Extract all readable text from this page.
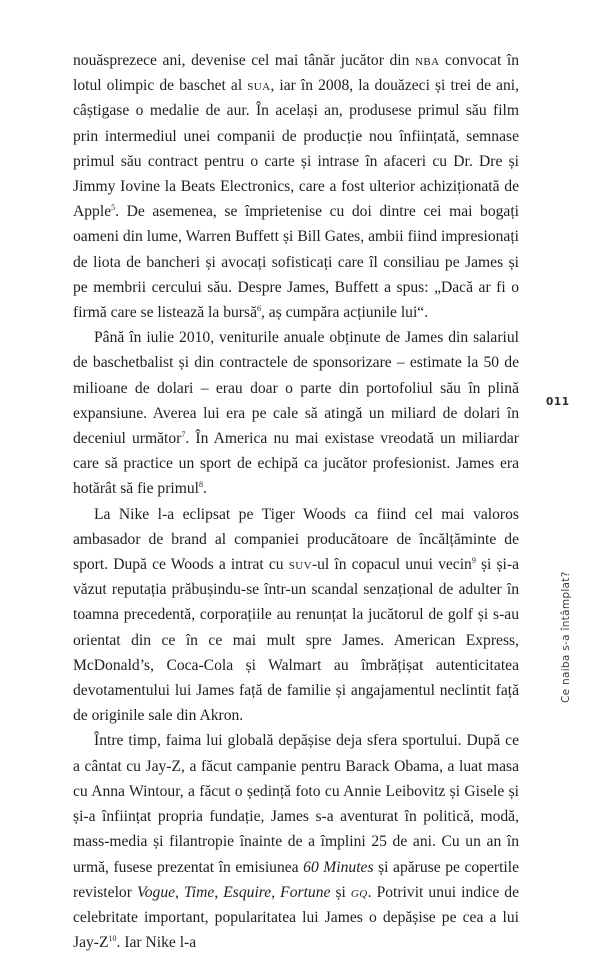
nouăsprezece ani, devenise cel mai tânăr jucător din nba convocat în lotul olimpic de baschet al sua, iar în 2008, la douăzeci și trei de ani, câștigase o medalie de aur. În același an, produsese primul său film prin intermediul unei companii de producție nou înființată, semnase primul său contract pentru o carte și intrase în afaceri cu Dr. Dre și Jimmy Iovine la Beats Electronics, care a fost ulterior achiziționată de Apple$^5$. De asemenea, se împrietenise cu doi dintre cei mai bogați oameni din lume, Warren Buffett și Bill Gates, ambii fiind impresionați de liota de bancheri și avocați sofisticați care îl consiliau pe James și pe membrii cercului său. Despre James, Buffett a spus: „Dacă ar fi o firmă care se listează la bursă$^6$, aș cumpăra acțiunile lui“.

Până în iulie 2010, veniturile anuale obținute de James din salariul de baschetbalist și din contractele de sponsorizare – estimate la 50 de milioane de dolari – erau doar o parte din portofoliul său în plină expansiune. Averea lui era pe cale să atingă un miliard de dolari în deceniul următor$^7$. În America nu mai existase vreodată un miliardar care să practice un sport de echipă ca jucător profesionist. James era hotărât să fie primul$^8$.

La Nike l-a eclipsat pe Tiger Woods ca fiind cel mai valoros ambasador de brand al companiei producătoare de încălțăminte de sport. După ce Woods a intrat cu suv-ul în copacul unui vecin$^9$ și și-a văzut reputația prăbușindu-se într-un scandal senzațional de adulter în toamna precedentă, corporațiile au renunțat la jucătorul de golf și s-au orientat din ce în ce mai mult spre James. American Express, McDonald’s, Coca-Cola și Walmart au îmbrățișat autenticitatea devotamentului lui James față de familie și angajamentul neclintit față de originile sale din Akron.

Între timp, faima lui globală depășise deja sfera sportului. După ce a cântat cu Jay-Z, a făcut campanie pentru Barack Obama, a luat masa cu Anna Wintour, a făcut o ședință foto cu Annie Leibovitz și Gisele și și-a înființat propria fundație, James s-a aventurat în politică, modă, mass-media și filantropie înainte de a împlini 25 de ani. Cu un an în urmă, fusese prezentat în emisiunea 60 Minutes și apăruse pe copertile revistelor Vogue, Time, Esquire, Fortune și gq. Potrivit unui indice de celebritate important, popularitatea lui James o depășise pe cea a lui Jay-$Z^{10}$. Iar Nike l-a

011
Ce naiba s-a întâmplat?
